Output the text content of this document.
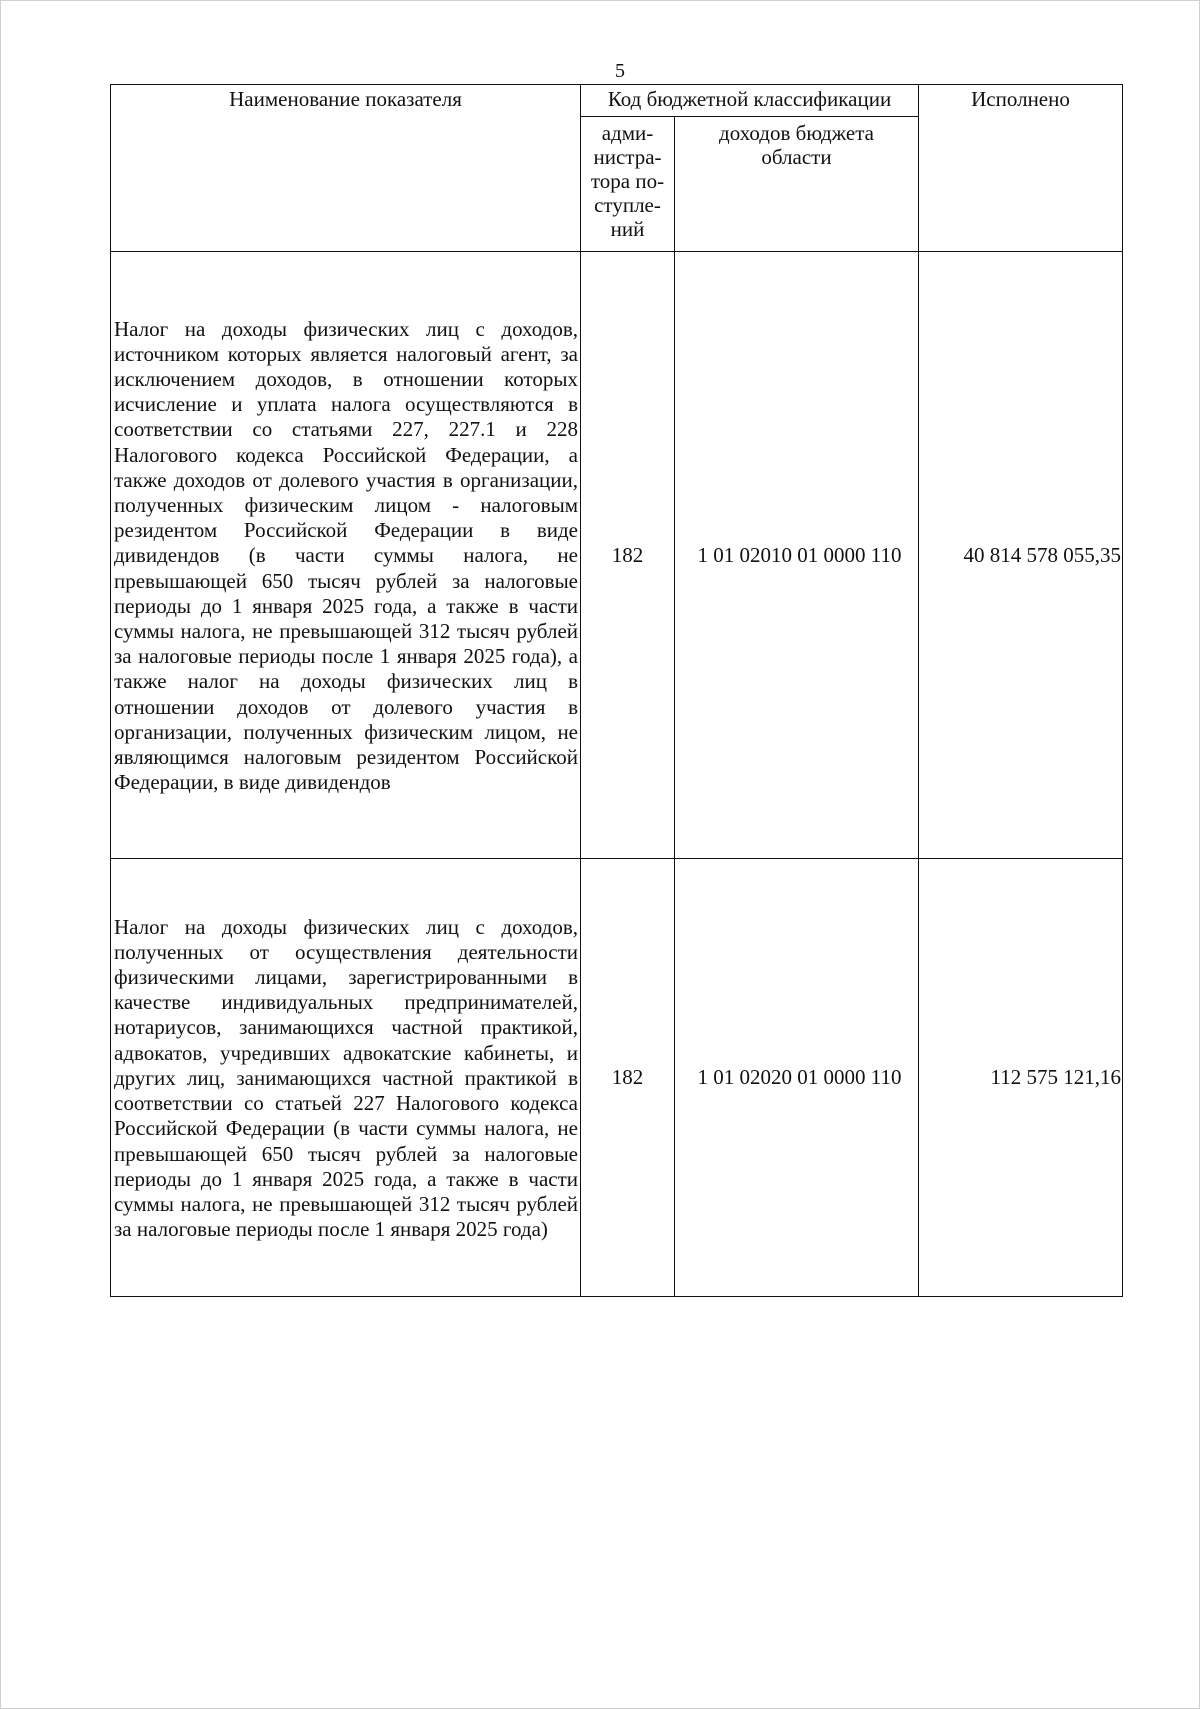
5
Наименование показателя	Код бюджетной классификации		Исполнено

	адми-нистра-тора по-ступле-ний	доходов бюджета области	

Налог на доходы физических лиц с доходов, источником которых является налоговый агент, за исключением доходов, в отношении которых исчисление и уплата налога осуществляются в соответствии со статьями 227, 227.1 и 228 Налогового кодекса Российской Федерации, а также доходов от долевого участия в организации, полученных физическим лицом - налоговым резидентом Российской Федерации в виде дивидендов (в части суммы налога, не превышающей 650 тысяч рублей за налоговые периоды до 1 января 2025 года, а также в части суммы налога, не превышающей 312 тысяч рублей за налоговые периоды после 1 января 2025 года), а также налог на доходы физических лиц в отношении доходов от долевого участия в организации, полученных физическим лицом, не являющимся налоговым резидентом Российской Федерации, в виде дивидендов	182	1 01 02010 01 0000 110	40 814 578 055,35

Налог на доходы физических лиц с доходов, полученных от осуществления деятельности физическими лицами, зарегистрированными в качестве индивидуальных предпринимателей, нотариусов, занимающихся частной практикой, адвокатов, учредивших адвокатские кабинеты, и других лиц, занимающихся частной практикой в соответствии со статьей 227 Налогового кодекса Российской Федерации (в части суммы налога, не превышающей 650 тысяч рублей за налоговые периоды до 1 января 2025 года, а также в части суммы налога, не превышающей 312 тысяч рублей за налоговые периоды после 1 января 2025 года)	182	1 01 02020 01 0000 110	112 575 121,16
